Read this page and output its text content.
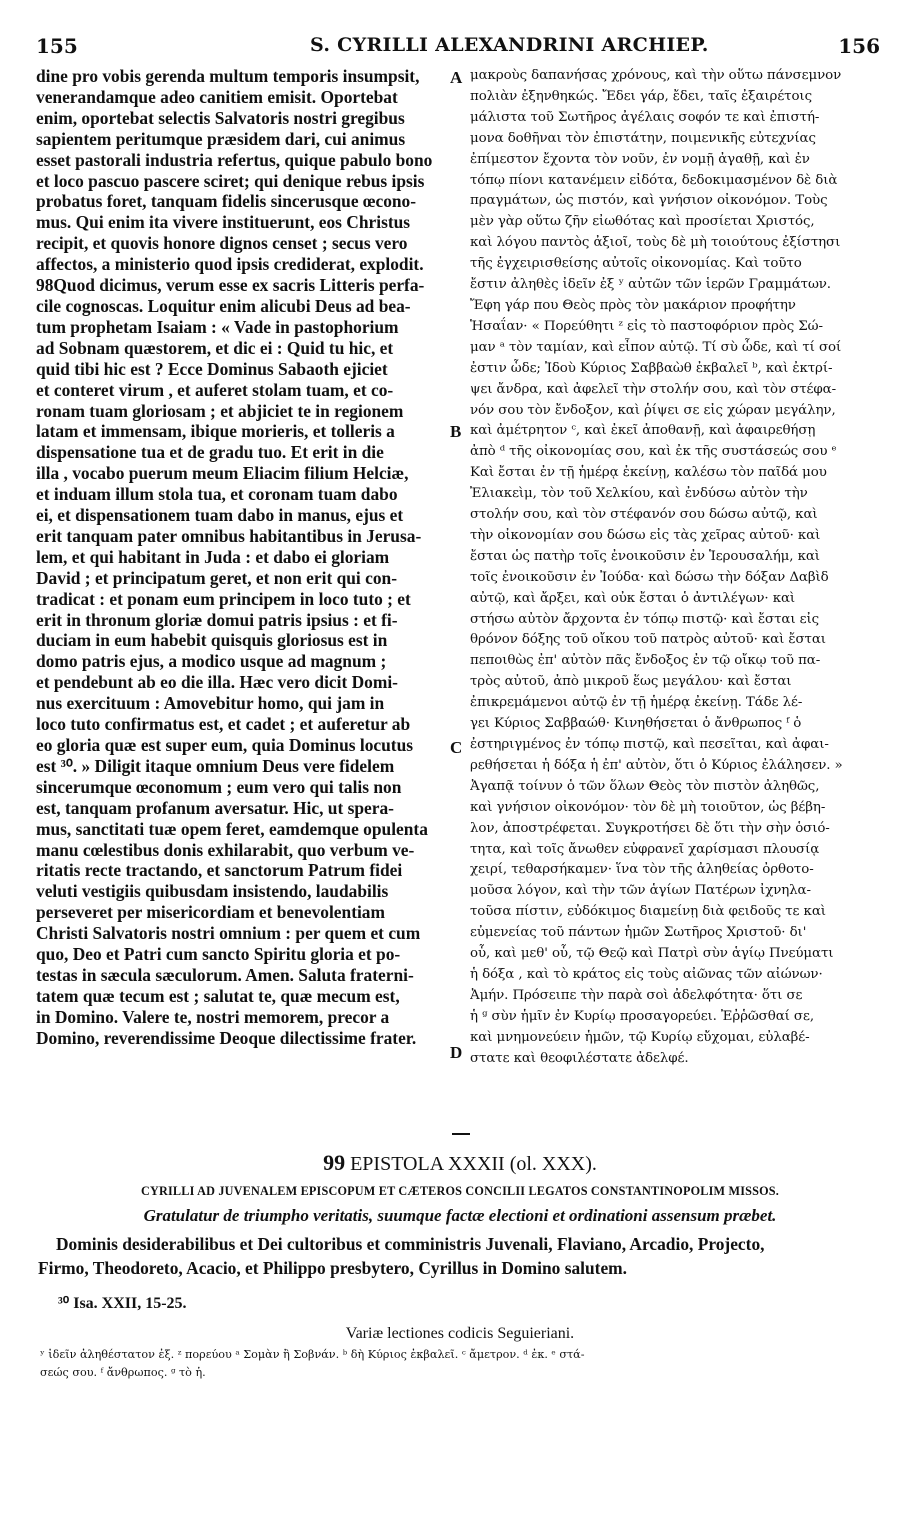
155	S. CYRILLI ALEXANDRINI ARCHIEP.	156
dine pro vobis gerenda multum temporis insumpsit,
venerandamque adeo canitiem emisit. Oportebat
enim, oportebat selectis Salvatoris nostri gregibus
sapientem peritumque præsidem dari, cui animus
esset pastorali industria refertus, quique pabulo bono
et loco pascuo pascere sciret; qui denique rebus ipsis
probatus foret, tanquam fidelis sincerusque œcono-
mus. Qui enim ita vivere instituerunt, eos Christus
recipit, et quovis honore dignos censet ; secus vero
affectos, a ministerio quod ipsis crediderat, explodit.
98Quod dicimus, verum esse ex sacris Litteris perfa-
cile cognoscas. Loquitur enim alicubi Deus ad bea-
tum prophetam Isaiam : « Vade in pastophorium
ad Sobnam quæstorem, et dic ei : Quid tu hic, et
quid tibi hic est ? Ecce Dominus Sabaoth ejiciet
et conteret virum , et auferet stolam tuam, et co-
ronam tuam gloriosam ; et abjiciet te in regionem
latam et immensam, ibique morieris, et tolleris a
dispensatione tua et de gradu tuo. Et erit in die
illa , vocabo puerum meum Eliacim filium Helciæ,
et induam illum stola tua, et coronam tuam dabo
ei, et dispensationem tuam dabo in manus, ejus et
erit tanquam pater omnibus habitantibus in Jerusa-
lem, et qui habitant in Juda : et dabo ei gloriam
David ; et principatum geret, et non erit qui con-
tradicat : et ponam eum principem in loco tuto ; et
erit in thronum gloriæ domui patris ipsius : et fi-
duciam in eum habebit quisquis gloriosus est in
domo patris ejus, a modico usque ad magnum ;
et pendebunt ab eo die illa. Hæc vero dicit Domi-
nus exercituum : Amovebitur homo, qui jam in
loco tuto confirmatus est, et cadet ; et auferetur ab
eo gloria quæ est super eum, quia Dominus locutus
est ³⁰. » Diligit itaque omnium Deus vere fidelem
sincerumque œconomum ; eum vero qui talis non
est, tanquam profanum aversatur. Hic, ut spera-
mus, sanctitati tuæ opem feret, eamdemque opulenta
manu cœlestibus donis exhilarabit, quo verbum ve-
ritatis recte tractando, et sanctorum Patrum fidei
veluti vestigiis quibusdam insistendo, laudabilis
perseveret per misericordiam et benevolentiam
Christi Salvatoris nostri omnium : per quem et cum
quo, Deo et Patri cum sancto Spiritu gloria et po-
testas in sæcula sæculorum. Amen. Saluta fraterni-
tatem quæ tecum est ; salutat te, quæ mecum est,
in Domino. Valere te, nostri memorem, precor a
Domino, reverendissime Deoque dilectissime frater.
μακροὺς δαπανήσας χρόνους, καὶ τὴν οὕτω πάνσεμνον
πολιὰν ἐξηνθηκώς. Ἔδει γάρ, ἔδει, ταῖς ἐξαιρέτοις
μάλιστα τοῦ Σωτῆρος ἀγέλαις σοφόν τε καὶ ἐπιστή-
μονα δοθῆναι τὸν ἐπιστάτην, ποιμενικῆς εὐτεχνίας
ἐπίμεστον ἔχοντα τὸν νοῦν, ἐν νομῇ ἀγαθῇ, καὶ ἐν
τόπῳ πίονι κατανέμειν εἰδότα, δεδοκιμασμένον δὲ διὰ
πραγμάτων, ὡς πιστόν, καὶ γνήσιον οἰκονόμον. Τοὺς
μὲν γὰρ οὕτω ζῆν εἰωθότας καὶ προσίεται Χριστός,
καὶ λόγου παντὸς ἀξιοῖ, τοὺς δὲ μὴ τοιούτους ἐξίστησι
τῆς ἐγχειρισθείσης αὐτοῖς οἰκονομίας. Καὶ τοῦτο
ἔστιν ἀληθὲς ἰδεῖν ἐξ ʸ αὐτῶν τῶν ἱερῶν Γραμμάτων.
Ἔφη γάρ που Θεὸς πρὸς τὸν μακάριον προφήτην
Ἡσαΐαν· « Πορεύθητι ᶻ εἰς τὸ παστοφόριον πρὸς Σώ-
μαν ᵃ τὸν ταμίαν, καὶ εἶπον αὐτῷ. Τί σὺ ὧδε, καὶ τί σοί
ἐστιν ὧδε; Ἰδοὺ Κύριος Σαββαὼθ ἐκβαλεῖ ᵇ, καὶ ἐκτρί-
ψει ἄνδρα, καὶ ἀφελεῖ τὴν στολήν σου, καὶ τὸν στέφα-
νόν σου τὸν ἔνδοξον, καὶ ῥίψει σε εἰς χώραν μεγάλην,
καὶ ἀμέτρητον ᶜ, καὶ ἐκεῖ ἀποθανῇ, καὶ ἀφαιρεθήσῃ
ἀπὸ ᵈ τῆς οἰκονομίας σου, καὶ ἐκ τῆς συστάσεώς σου ᵉ
Καὶ ἔσται ἐν τῇ ἡμέρᾳ ἐκείνῃ, καλέσω τὸν παῖδά μου
Ἐλιακεὶμ, τὸν τοῦ Χελκίου, καὶ ἐνδύσω αὐτὸν τὴν
στολήν σου, καὶ τὸν στέφανόν σου δώσω αὐτῷ, καὶ
τὴν οἰκονομίαν σου δώσω εἰς τὰς χεῖρας αὐτοῦ· καὶ
ἔσται ὡς πατὴρ τοῖς ἐνοικοῦσιν ἐν Ἱερουσαλήμ, καὶ
τοῖς ἐνοικοῦσιν ἐν Ἰούδα· καὶ δώσω τὴν δόξαν Δαβὶδ
αὐτῷ, καὶ ἄρξει, καὶ οὐκ ἔσται ὁ ἀντιλέγων· καὶ
στήσω αὐτὸν ἄρχοντα ἐν τόπῳ πιστῷ· καὶ ἔσται εἰς
θρόνον δόξης τοῦ οἴκου τοῦ πατρὸς αὐτοῦ· καὶ ἔσται
πεποιθὼς ἐπ' αὐτὸν πᾶς ἔνδοξος ἐν τῷ οἴκῳ τοῦ πα-
τρὸς αὐτοῦ, ἀπὸ μικροῦ ἕως μεγάλου· καὶ ἔσται
ἐπικρεμάμενοι αὐτῷ ἐν τῇ ἡμέρᾳ ἐκείνῃ. Τάδε λέ-
γει Κύριος Σαββαώθ· Κινηθήσεται ὁ ἄνθρωπος ᶠ ὁ
ἐστηριγμένος ἐν τόπῳ πιστῷ, καὶ πεσεῖται, καὶ ἀφαι-
ρεθήσεται ἡ δόξα ἡ ἐπ' αὐτὸν, ὅτι ὁ Κύριος ἐλάλησεν. »
Ἀγαπᾷ τοίνυν ὁ τῶν ὅλων Θεὸς τὸν πιστὸν ἀληθῶς,
καὶ γνήσιον οἰκονόμον· τὸν δὲ μὴ τοιοῦτον, ὡς βέβη-
λον, ἀποστρέφεται. Συγκροτήσει δὲ ὅτι τὴν σὴν ὁσιό-
τητα, καὶ τοῖς ἄνωθεν εὐφρανεῖ χαρίσμασι πλουσίᾳ
χειρί, τεθαρσήκαμεν· ἵνα τὸν τῆς ἀληθείας ὀρθοτο-
μοῦσα λόγον, καὶ τὴν τῶν ἁγίων Πατέρων ἰχνηλα-
τοῦσα πίστιν, εὐδόκιμος διαμείνῃ διὰ φειδοῦς τε καὶ
εὐμενείας τοῦ πάντων ἡμῶν Σωτῆρος Χριστοῦ· δι'
οὗ, καὶ μεθ' οὗ, τῷ Θεῷ καὶ Πατρὶ σὺν ἁγίῳ Πνεύματι
ἡ δόξα , καὶ τὸ κράτος εἰς τοὺς αἰῶνας τῶν αἰώνων·
Ἀμήν. Πρόσειπε τὴν παρὰ σοὶ ἀδελφότητα· ὅτι σε
ἡ ᵍ σὺν ἡμῖν ἐν Κυρίῳ προσαγορεύει. Ἐῤῥῶσθαί σε,
καὶ μνημονεύειν ἡμῶν, τῷ Κυρίῳ εὔχομαι, εὐλαβέ-
στατε καὶ θεοφιλέστατε ἀδελφέ.
A
B
C
D
99 EPISTOLA XXXII (ol. XXX).
CYRILLI AD JUVENALEM EPISCOPUM ET CÆTEROS CONCILII LEGATOS CONSTANTINOPOLIM MISSOS.
Gratulatur de triumpho veritatis, suumque factæ electioni et ordinationi assensum præbet.
Dominis desiderabilibus et Dei cultoribus et comministris Juvenali, Flaviano, Arcadio, Projecto,
Firmo, Theodoreto, Acacio, et Philippo presbytero, Cyrillus in Domino salutem.
³⁰ Isa. XXII, 15-25.
Variæ lectiones codicis Seguieriani.
ʸ ἰδεῖν ἀληθέστατον ἐξ. ᶻ πορεύου ᵃ Σομὰν ἢ Σοβνάν. ᵇ δὴ Κύριος ἐκβαλεῖ. ᶜ ἄμετρον. ᵈ ἐκ. ᵉ στά-
σεώς σου. ᶠ ἄνθρωπος. ᵍ τὸ ἡ.
